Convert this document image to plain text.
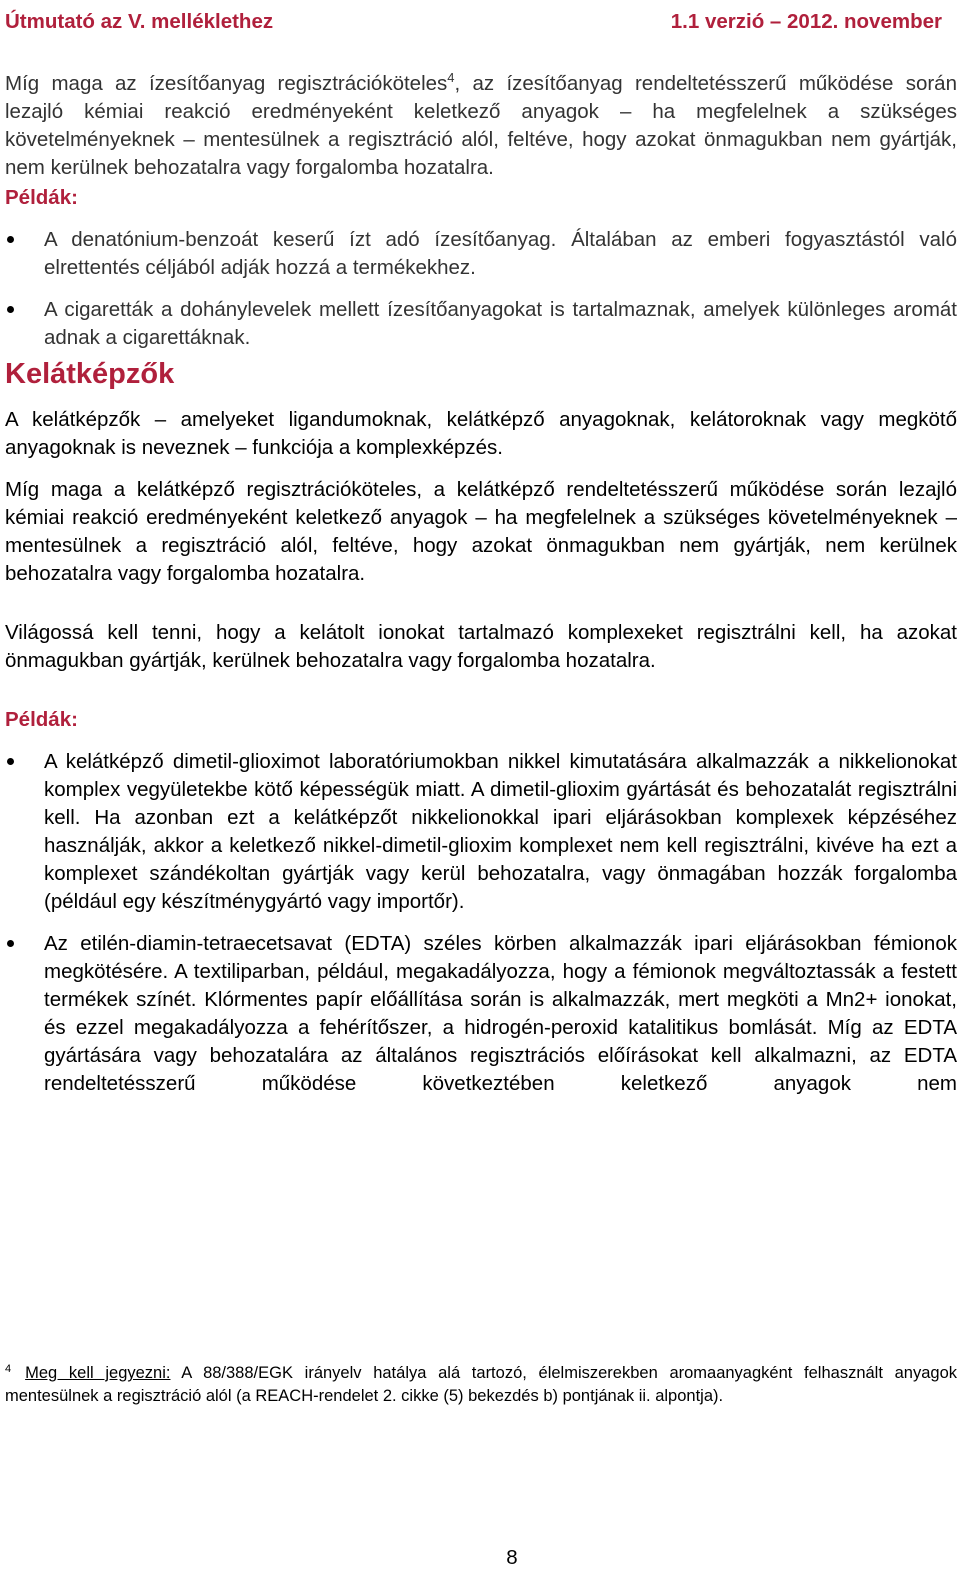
Útmutató az V. melléklethez	1.1 verzió – 2012. november

Míg maga az ízesítőanyag regisztrációköteles$^4$, az ízesítőanyag rendeltetésszerű működése során lezajló kémiai reakció eredményeként keletkező anyagok – ha megfelelnek a szükséges követelményeknek – mentesülnek a regisztráció alól, feltéve, hogy azokat önmagukban nem gyártják, nem kerülnek behozatalra vagy forgalomba hozatalra.

Példák:

A denatónium-benzoát keserű ízt adó ízesítőanyag. Általában az emberi fogyasztástól való elrettentés céljából adják hozzá a termékekhez.
A cigaretták a dohánylevelek mellett ízesítőanyagokat is tartalmaznak, amelyek különleges aromát adnak a cigarettáknak.
Kelátképzők

A kelátképzők – amelyeket ligandumoknak, kelátképző anyagoknak, kelátoroknak vagy megkötő anyagoknak is neveznek – funkciója a komplexképzés.

Míg maga a kelátképző regisztrációköteles, a kelátképző rendeltetésszerű működése során lezajló kémiai reakció eredményeként keletkező anyagok – ha megfelelnek a szükséges követelményeknek – mentesülnek a regisztráció alól, feltéve, hogy azokat önmagukban nem gyártják, nem kerülnek behozatalra vagy forgalomba hozatalra.

Világossá kell tenni, hogy a kelátolt ionokat tartalmazó komplexeket regisztrálni kell, ha azokat önmagukban gyártják, kerülnek behozatalra vagy forgalomba hozatalra.

Példák:

A kelátképző dimetil-glioximot laboratóriumokban nikkel kimutatására alkalmazzák a nikkelionokat komplex vegyületekbe kötő képességük miatt. A dimetil-glioxim gyártását és behozatalát regisztrálni kell. Ha azonban ezt a kelátképzőt nikkelionokkal ipari eljárásokban komplexek képzéséhez használják, akkor a keletkező nikkel-dimetil-glioxim komplexet nem kell regisztrálni, kivéve ha ezt a komplexet szándékoltan gyártják vagy kerül behozatalra, vagy önmagában hozzák forgalomba (például egy készítménygyártó vagy importőr).
Az etilén-diamin-tetraecetsavat (EDTA) széles körben alkalmazzák ipari eljárásokban fémionok megkötésére. A textiliparban, például, megakadályozza, hogy a fémionok megváltoztassák a festett termékek színét. Klórmentes papír előállítása során is alkalmazzák, mert megköti a Mn2+ ionokat, és ezzel megakadályozza a fehérítőszer, a hidrogén-peroxid katalitikus bomlását. Míg az EDTA gyártására vagy behozatalára az általános regisztrációs előírásokat kell alkalmazni, az EDTA rendeltetésszerű működése következtében keletkező anyagok nem
$^4$ Meg kell jegyezni: A 88/388/EGK irányelv hatálya alá tartozó, élelmiszerekben aromaanyagként felhasznált anyagok mentesülnek a regisztráció alól (a REACH-rendelet 2. cikke (5) bekezdés b) pontjának ii. alpontja).
8
